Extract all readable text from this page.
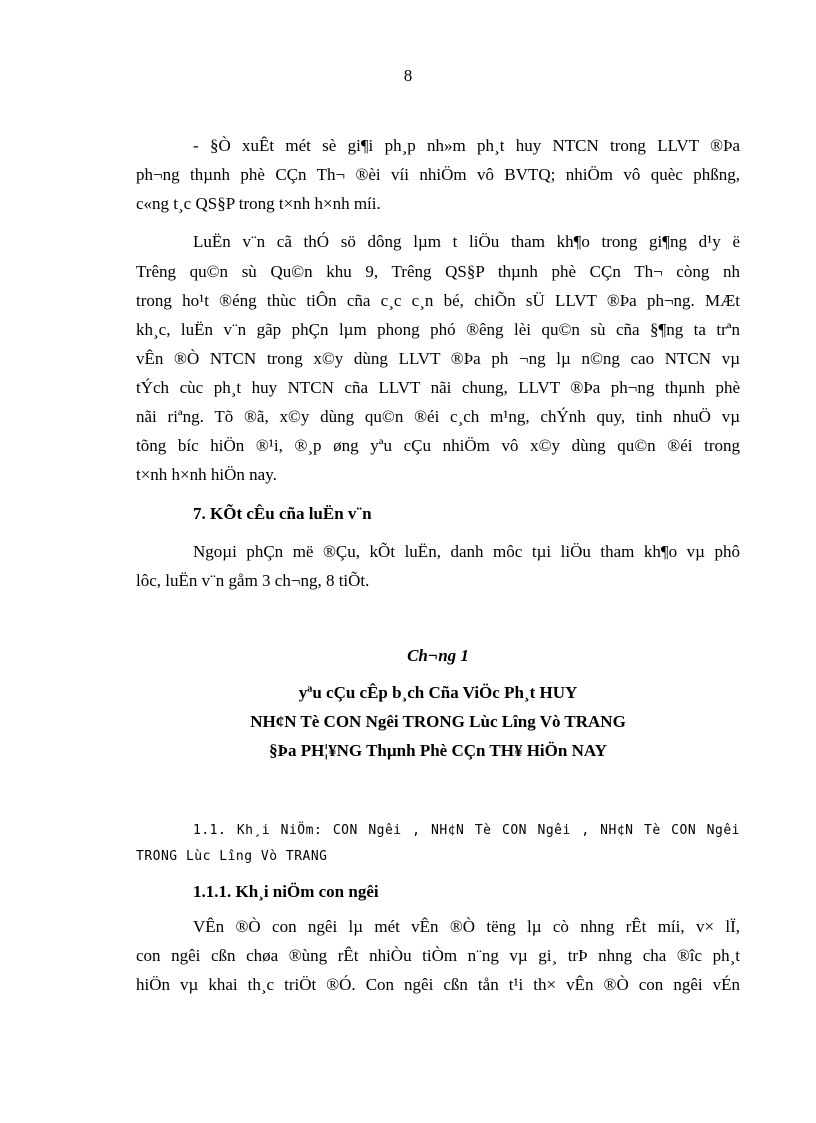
8
- §Ò xuÊt mét sè gi¶i ph¸p nh»m ph¸t huy NTCN trong LLVT ®Þa
ph¬ng thµnh phè CÇn Th¬ ®èi víi nhiÖm vô BVTQ; nhiÖm vô quèc phßng,
c«ng t¸c QS§P trong t×nh h×nh míi.
LuËn v¨n cã thÓ sö dông lµm t liÖu tham kh¶o trong gi¶ng d¹y ë
Trêng qu©n sù Qu©n khu 9, Trêng QS§P thµnh phè CÇn Th¬ còng nh
trong ho¹t ®éng thùc tiÔn cña c¸c c¸n bé, chiÕn sÜ LLVT ®Þa ph¬ng. MÆt
kh¸c, luËn v¨n gãp phÇn lµm phong phó ®êng lèi qu©n sù cña §¶ng ta trªn
vÊn ®Ò NTCN trong x©y dùng LLVT ®Þa ph ¬ng lµ n©ng cao NTCN vµ
tÝch cùc ph¸t huy NTCN cña LLVT nãi chung, LLVT ®Þa ph¬ng thµnh phè
nãi riªng. Tõ ®ã, x©y dùng qu©n ®éi c¸ch m¹ng, chÝnh quy, tinh nhuÖ vµ
tõng bíc hiÖn ®¹i, ®¸p øng yªu cÇu nhiÖm vô x©y dùng qu©n ®éi trong
t×nh h×nh hiÖn nay.
7. KÕt cÊu cña luËn v¨n
Ngoµi phÇn më ®Çu, kÕt luËn, danh môc tµi liÖu tham kh¶o vµ phô
lôc, luËn v¨n gåm 3 ch¬ng, 8 tiÕt.
Ch¬ng 1
yªu cÇu cÊp b¸ch Cña ViÖc Ph¸t HUY
NH¢N Tè CON Ngêi TRONG Lùc Lîng Vò TRANG
§Þa PH¦¥NG Thµnh Phè CÇn TH¥ HiÖn NAY
1.1. Kh¸i NiÖm: CON Ngêi , NH¢N Tè CON Ngêi , NH¢N Tè CON Ngêi
TRONG Lùc Lîng Vò TRANG
1.1.1. Kh¸i niÖm con ngêi
VÊn ®Ò con ngêi lµ mét vÊn ®Ò tëng lµ cò nhng rÊt míi, v× lÏ,
con ngêi cßn chøa ®ùng rÊt nhiÒu tiÒm n¨ng vµ gi¸ trÞ nhng cha ®îc ph¸t
hiÖn vµ khai th¸c triÖt ®Ó. Con ngêi cßn tån t¹i th× vÊn ®Ò con ngêi vÉn
